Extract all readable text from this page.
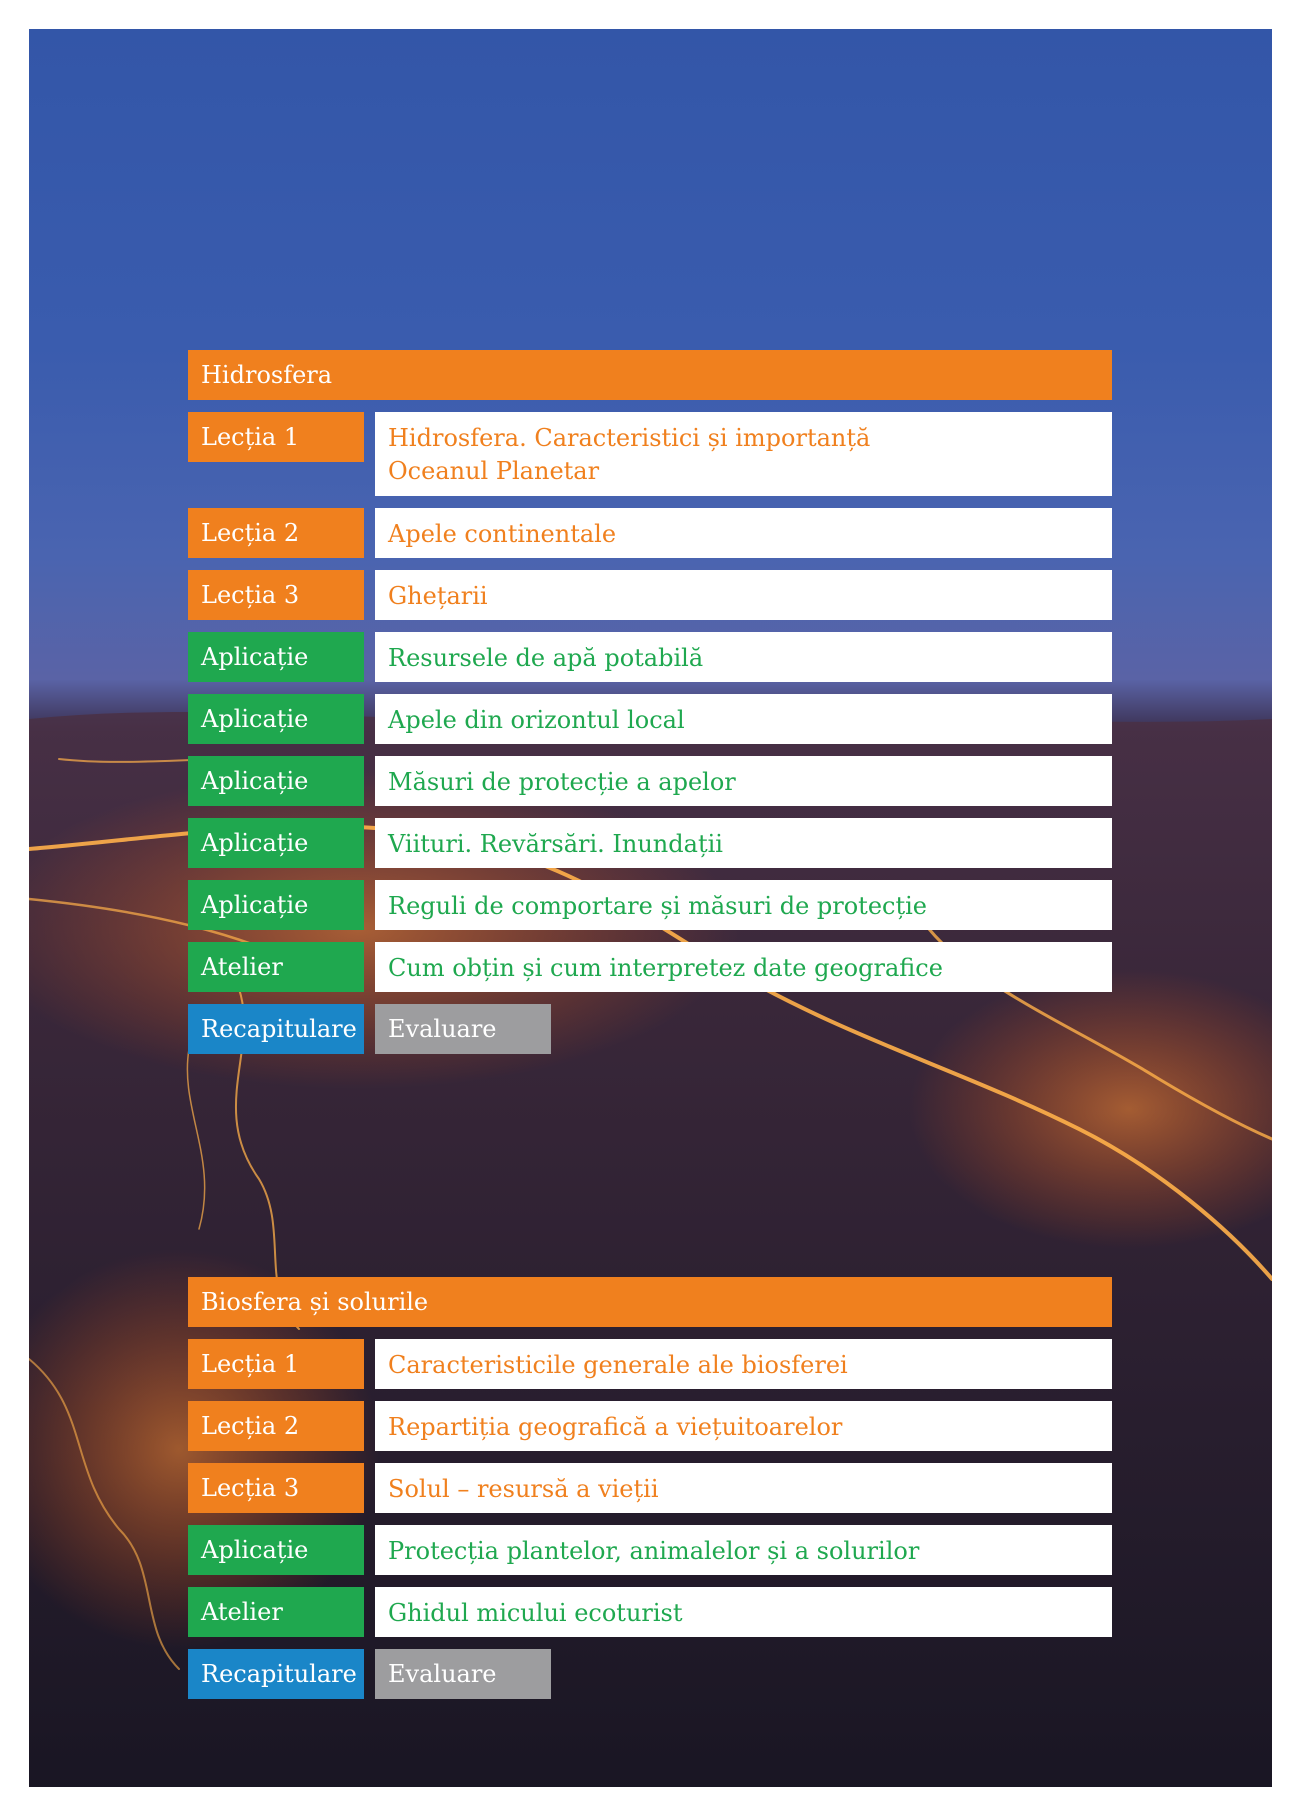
Hidrosfera
Lecția 1	Hidrosfera. Caracteristici și importanță
Oceanul Planetar
Lecția 2	Apele continentale
Lecția 3	Ghețarii
Aplicație	Resursele de apă potabilă
Aplicație	Apele din orizontul local
Aplicație	Măsuri de protecție a apelor
Aplicație	Viituri. Revărsări. Inundații
Aplicație	Reguli de comportare și măsuri de protecție
Atelier	Cum obțin și cum interpretez date geografice
Recapitulare	Evaluare
Biosfera și solurile
Lecția 1	Caracteristicile generale ale biosferei
Lecția 2	Repartiția geografică a viețuitoarelor
Lecția 3	Solul – resursă a vieții
Aplicație	Protecția plantelor, animalelor și a solurilor
Atelier	Ghidul micului ecoturist
Recapitulare	Evaluare
